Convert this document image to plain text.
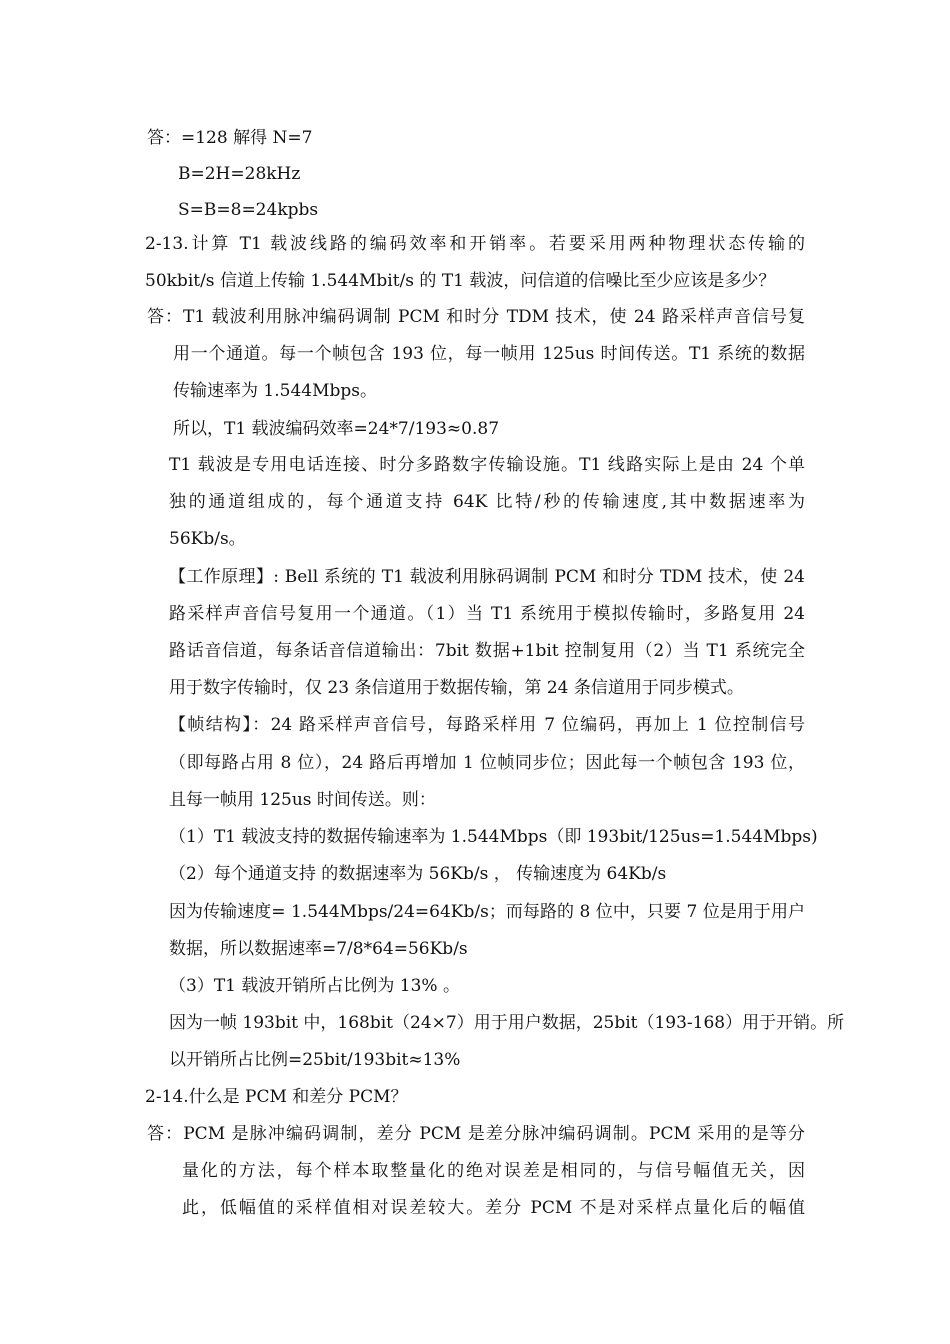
答：=128 解得 N=7
B=2H=28kHz
S=B=8=24kpbs
2-13.计算 T1 载波线路的编码效率和开销率。若要采用两种物理状态传输的
50kbit/s 信道上传输 1.544Mbit/s 的 T1 载波，问信道的信噪比至少应该是多少？
答：T1 载波利用脉冲编码调制 PCM 和时分 TDM 技术，使 24 路采样声音信号复
用一个通道。每一个帧包含 193 位，每一帧用 125us 时间传送。T1 系统的数据
传输速率为 1.544Mbps。
所以，T1 载波编码效率=24*7/193≈0.87
T1 载波是专用电话连接、时分多路数字传输设施。T1 线路实际上是由 24 个单
独的通道组成的，每个通道支持 64K 比特/秒的传输速度,其中数据速率为
56Kb/s。
【工作原理】: Bell 系统的 T1 载波利用脉码调制 PCM 和时分 TDM 技术，使 24
路采样声音信号复用一个通道。（1）当 T1 系统用于模拟传输时，多路复用 24
路话音信道，每条话音信道输出：7bit 数据+1bit 控制复用（2）当 T1 系统完全
用于数字传输时，仅 23 条信道用于数据传输，第 24 条信道用于同步模式。
【帧结构】：24 路采样声音信号，每路采样用 7 位编码，再加上 1 位控制信号
（即每路占用 8 位），24 路后再增加 1 位帧同步位；因此每一个帧包含 193 位，
且每一帧用 125us 时间传送。则：
（1）T1 载波支持的数据传输速率为 1.544Mbps（即 193bit/125us=1.544Mbps)
（2）每个通道支持 的数据速率为 56Kb/s ， 传输速度为 64Kb/s
因为传输速度= 1.544Mbps/24=64Kb/s；而每路的 8 位中，只要 7 位是用于用户
数据，所以数据速率=7/8*64=56Kb/s
（3）T1 载波开销所占比例为 13% 。
因为一帧 193bit 中，168bit（24×7）用于用户数据，25bit（193-168）用于开销。所
以开销所占比例=25bit/193bit≈13%
2-14.什么是 PCM 和差分 PCM？
答：PCM 是脉冲编码调制，差分 PCM 是差分脉冲编码调制。PCM 采用的是等分
量化的方法，每个样本取整量化的绝对误差是相同的，与信号幅值无关，因
此，低幅值的采样值相对误差较大。差分 PCM 不是对采样点量化后的幅值
